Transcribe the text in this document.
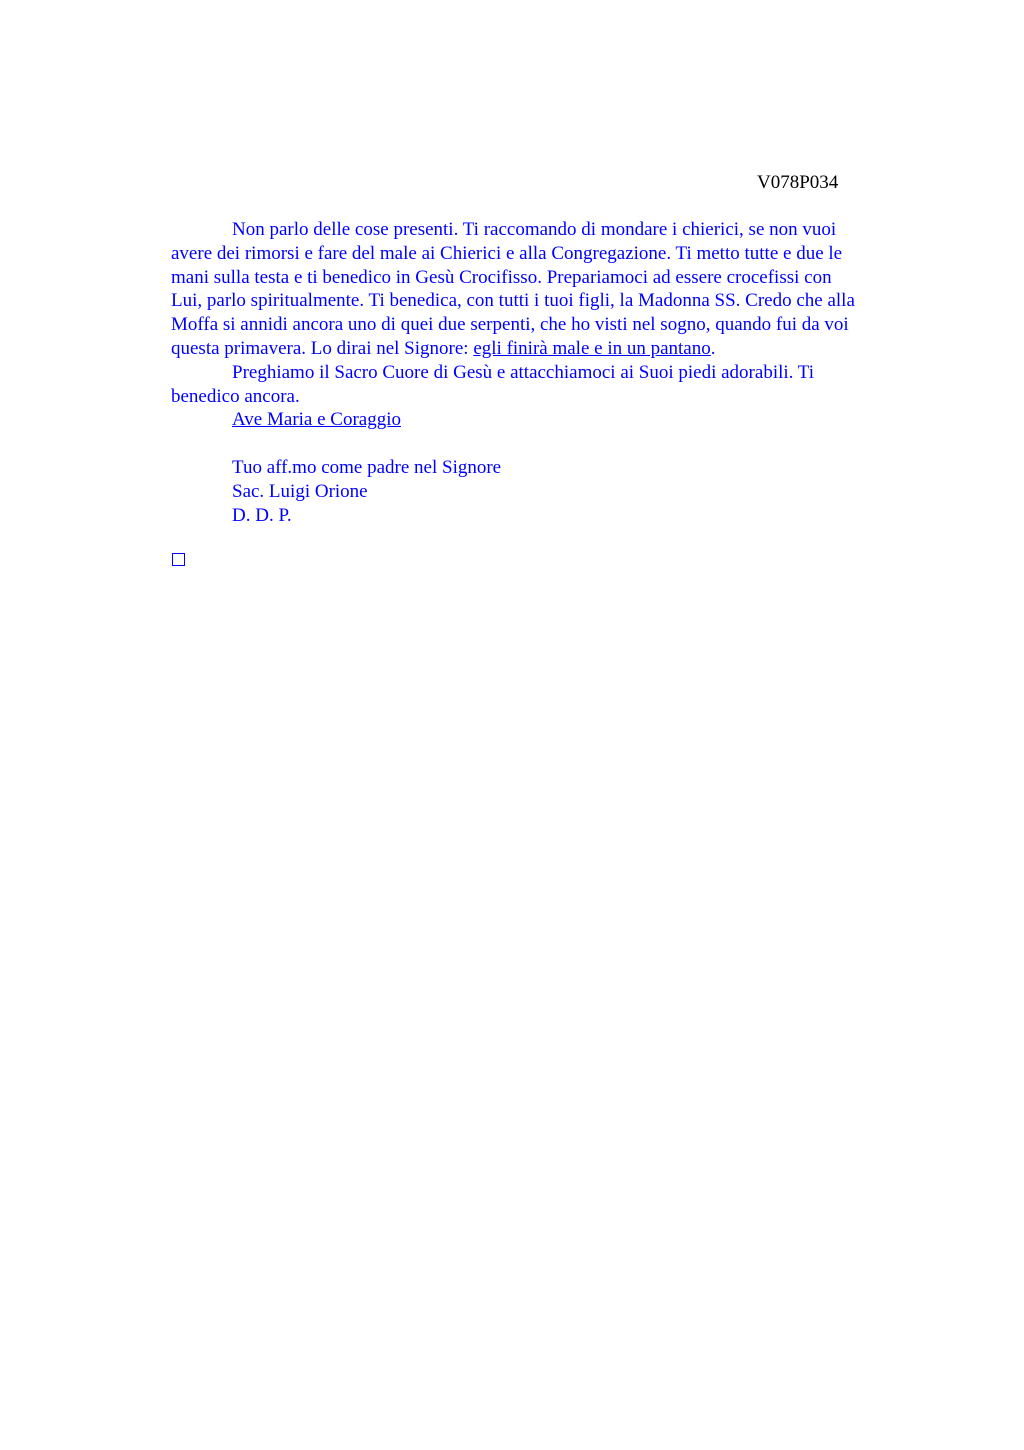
V078P034
Non parlo delle cose presenti. Ti raccomando di mondare i chierici, se non vuoi
avere dei rimorsi e fare del male ai Chierici e alla Congregazione. Ti metto tutte e due le
mani sulla testa e ti benedico in Gesù Crocifisso. Prepariamoci ad essere crocefissi con
Lui, parlo spiritualmente. Ti benedica, con tutti i tuoi figli, la Madonna SS. Credo che alla
Moffa si annidi ancora uno di quei due serpenti, che ho visti nel sogno, quando fui da voi
questa primavera. Lo dirai nel Signore: egli finirà male e in un pantano.
Preghiamo il Sacro Cuore di Gesù e attacchiamoci ai Suoi piedi adorabili. Ti
benedico ancora.
Ave Maria e Coraggio
Tuo aff.mo come padre nel Signore
Sac. Luigi Orione
D. D. P.
